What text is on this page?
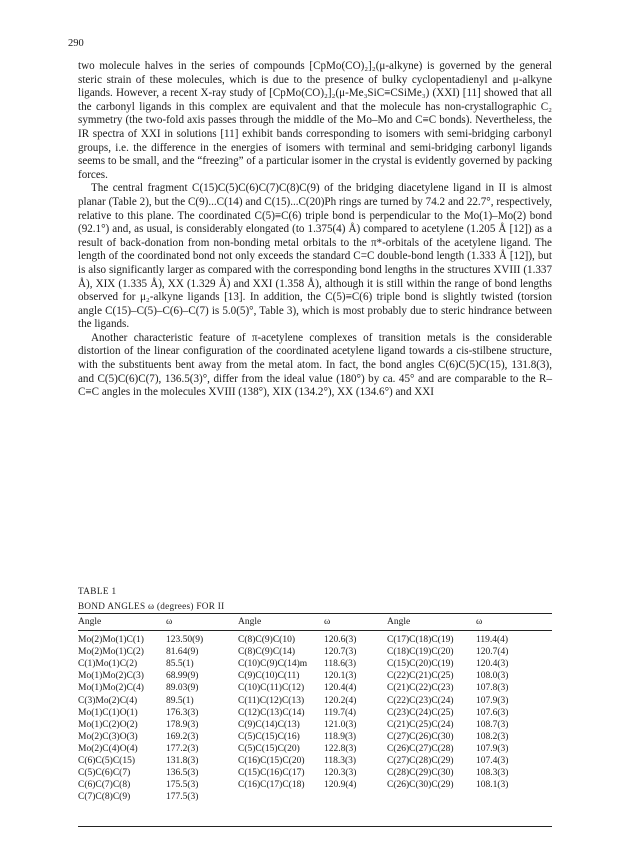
290

two molecule halves in the series of compounds [CpMo(CO)₂]₂(μ-alkyne) is governed by the general steric strain of these molecules, which is due to the presence of bulky cyclopentadienyl and μ-alkyne ligands. However, a recent X-ray study of [CpMo(CO)₂]₂(μ-Me₃SiC≡CSiMe₃) (XXI) [11] showed that all the carbonyl ligands in this complex are equivalent and that the molecule has non-crystallographic C₂ symmetry (the two-fold axis passes through the middle of the Mo–Mo and C≡C bonds). Nevertheless, the IR spectra of XXI in solutions [11] exhibit bands corresponding to isomers with semi-bridging carbonyl groups, i.e. the difference in the energies of isomers with terminal and semi-bridging carbonyl ligands seems to be small, and the “freezing” of a particular isomer in the crystal is evidently governed by packing forces.

The central fragment C(15)C(5)C(6)C(7)C(8)C(9) of the bridging diacetylene ligand in II is almost planar (Table 2), but the C(9)...C(14) and C(15)...C(20)Ph rings are turned by 74.2 and 22.7°, respectively, relative to this plane. The coordinated C(5)≡C(6) triple bond is perpendicular to the Mo(1)–Mo(2) bond (92.1°) and, as usual, is considerably elongated (to 1.375(4) Å) compared to acetylene (1.205 Å [12]) as a result of back-donation from non-bonding metal orbitals to the π*-orbitals of the acetylene ligand. The length of the coordinated bond not only exceeds the standard C=C double-bond length (1.333 Å [12]), but is also significantly larger as compared with the corresponding bond lengths in the structures XVIII (1.337 Å), XIX (1.335 Å), XX (1.329 Å) and XXI (1.358 Å), although it is still within the range of bond lengths observed for μ₂-alkyne ligands [13]. In addition, the C(5)≡C(6) triple bond is slightly twisted (torsion angle C(15)–C(5)–C(6)–C(7) is 5.0(5)°, Table 3), which is most probably due to steric hindrance between the ligands.

Another characteristic feature of π-acetylene complexes of transition metals is the considerable distortion of the linear configuration of the coordinated acetylene ligand towards a cis-stilbene structure, with the substituents bent away from the metal atom. In fact, the bond angles C(6)C(5)C(15), 131.8(3), and C(5)C(6)C(7), 136.5(3)°, differ from the ideal value (180°) by ca. 45° and are comparable to the R–C≡C angles in the molecules XVIII (138°), XIX (134.2°), XX (134.6°) and XXI

TABLE 1
BOND ANGLES ω (degrees) FOR II
Angle	ω	Angle	ω	Angle	ω
Mo(2)Mo(1)C(1)	123.50(9)	C(8)C(9)C(10)	120.6(3)	C(17)C(18)C(19)	119.4(4)
Mo(2)Mo(1)C(2)	81.64(9)	C(8)C(9)C(14)	120.7(3)	C(18)C(19)C(20)	120.7(4)
C(1)Mo(1)C(2)	85.5(1)	C(10)C(9)C(14)m	118.6(3)	C(15)C(20)C(19)	120.4(3)
Mo(1)Mo(2)C(3)	68.99(9)	C(9)C(10)C(11)	120.1(3)	C(22)C(21)C(25)	108.0(3)
Mo(1)Mo(2)C(4)	89.03(9)	C(10)C(11)C(12)	120.4(4)	C(21)C(22)C(23)	107.8(3)
C(3)Mo(2)C(4)	89.5(1)	C(11)C(12)C(13)	120.2(4)	C(22)C(23)C(24)	107.9(3)
Mo(1)C(1)O(1)	176.3(3)	C(12)C(13)C(14)	119.7(4)	C(23)C(24)C(25)	107.6(3)
Mo(1)C(2)O(2)	178.9(3)	C(9)C(14)C(13)	121.0(3)	C(21)C(25)C(24)	108.7(3)
Mo(2)C(3)O(3)	169.2(3)	C(5)C(15)C(16)	118.9(3)	C(27)C(26)C(30)	108.2(3)
Mo(2)C(4)O(4)	177.2(3)	C(5)C(15)C(20)	122.8(3)	C(26)C(27)C(28)	107.9(3)
C(6)C(5)C(15)	131.8(3)	C(16)C(15)C(20)	118.3(3)	C(27)C(28)C(29)	107.4(3)
C(5)C(6)C(7)	136.5(3)	C(15)C(16)C(17)	120.3(3)	C(28)C(29)C(30)	108.3(3)
C(6)C(7)C(8)	175.5(3)	C(16)C(17)C(18)	120.9(4)	C(26)C(30)C(29)	108.1(3)
C(7)C(8)C(9)	177.5(3)				
